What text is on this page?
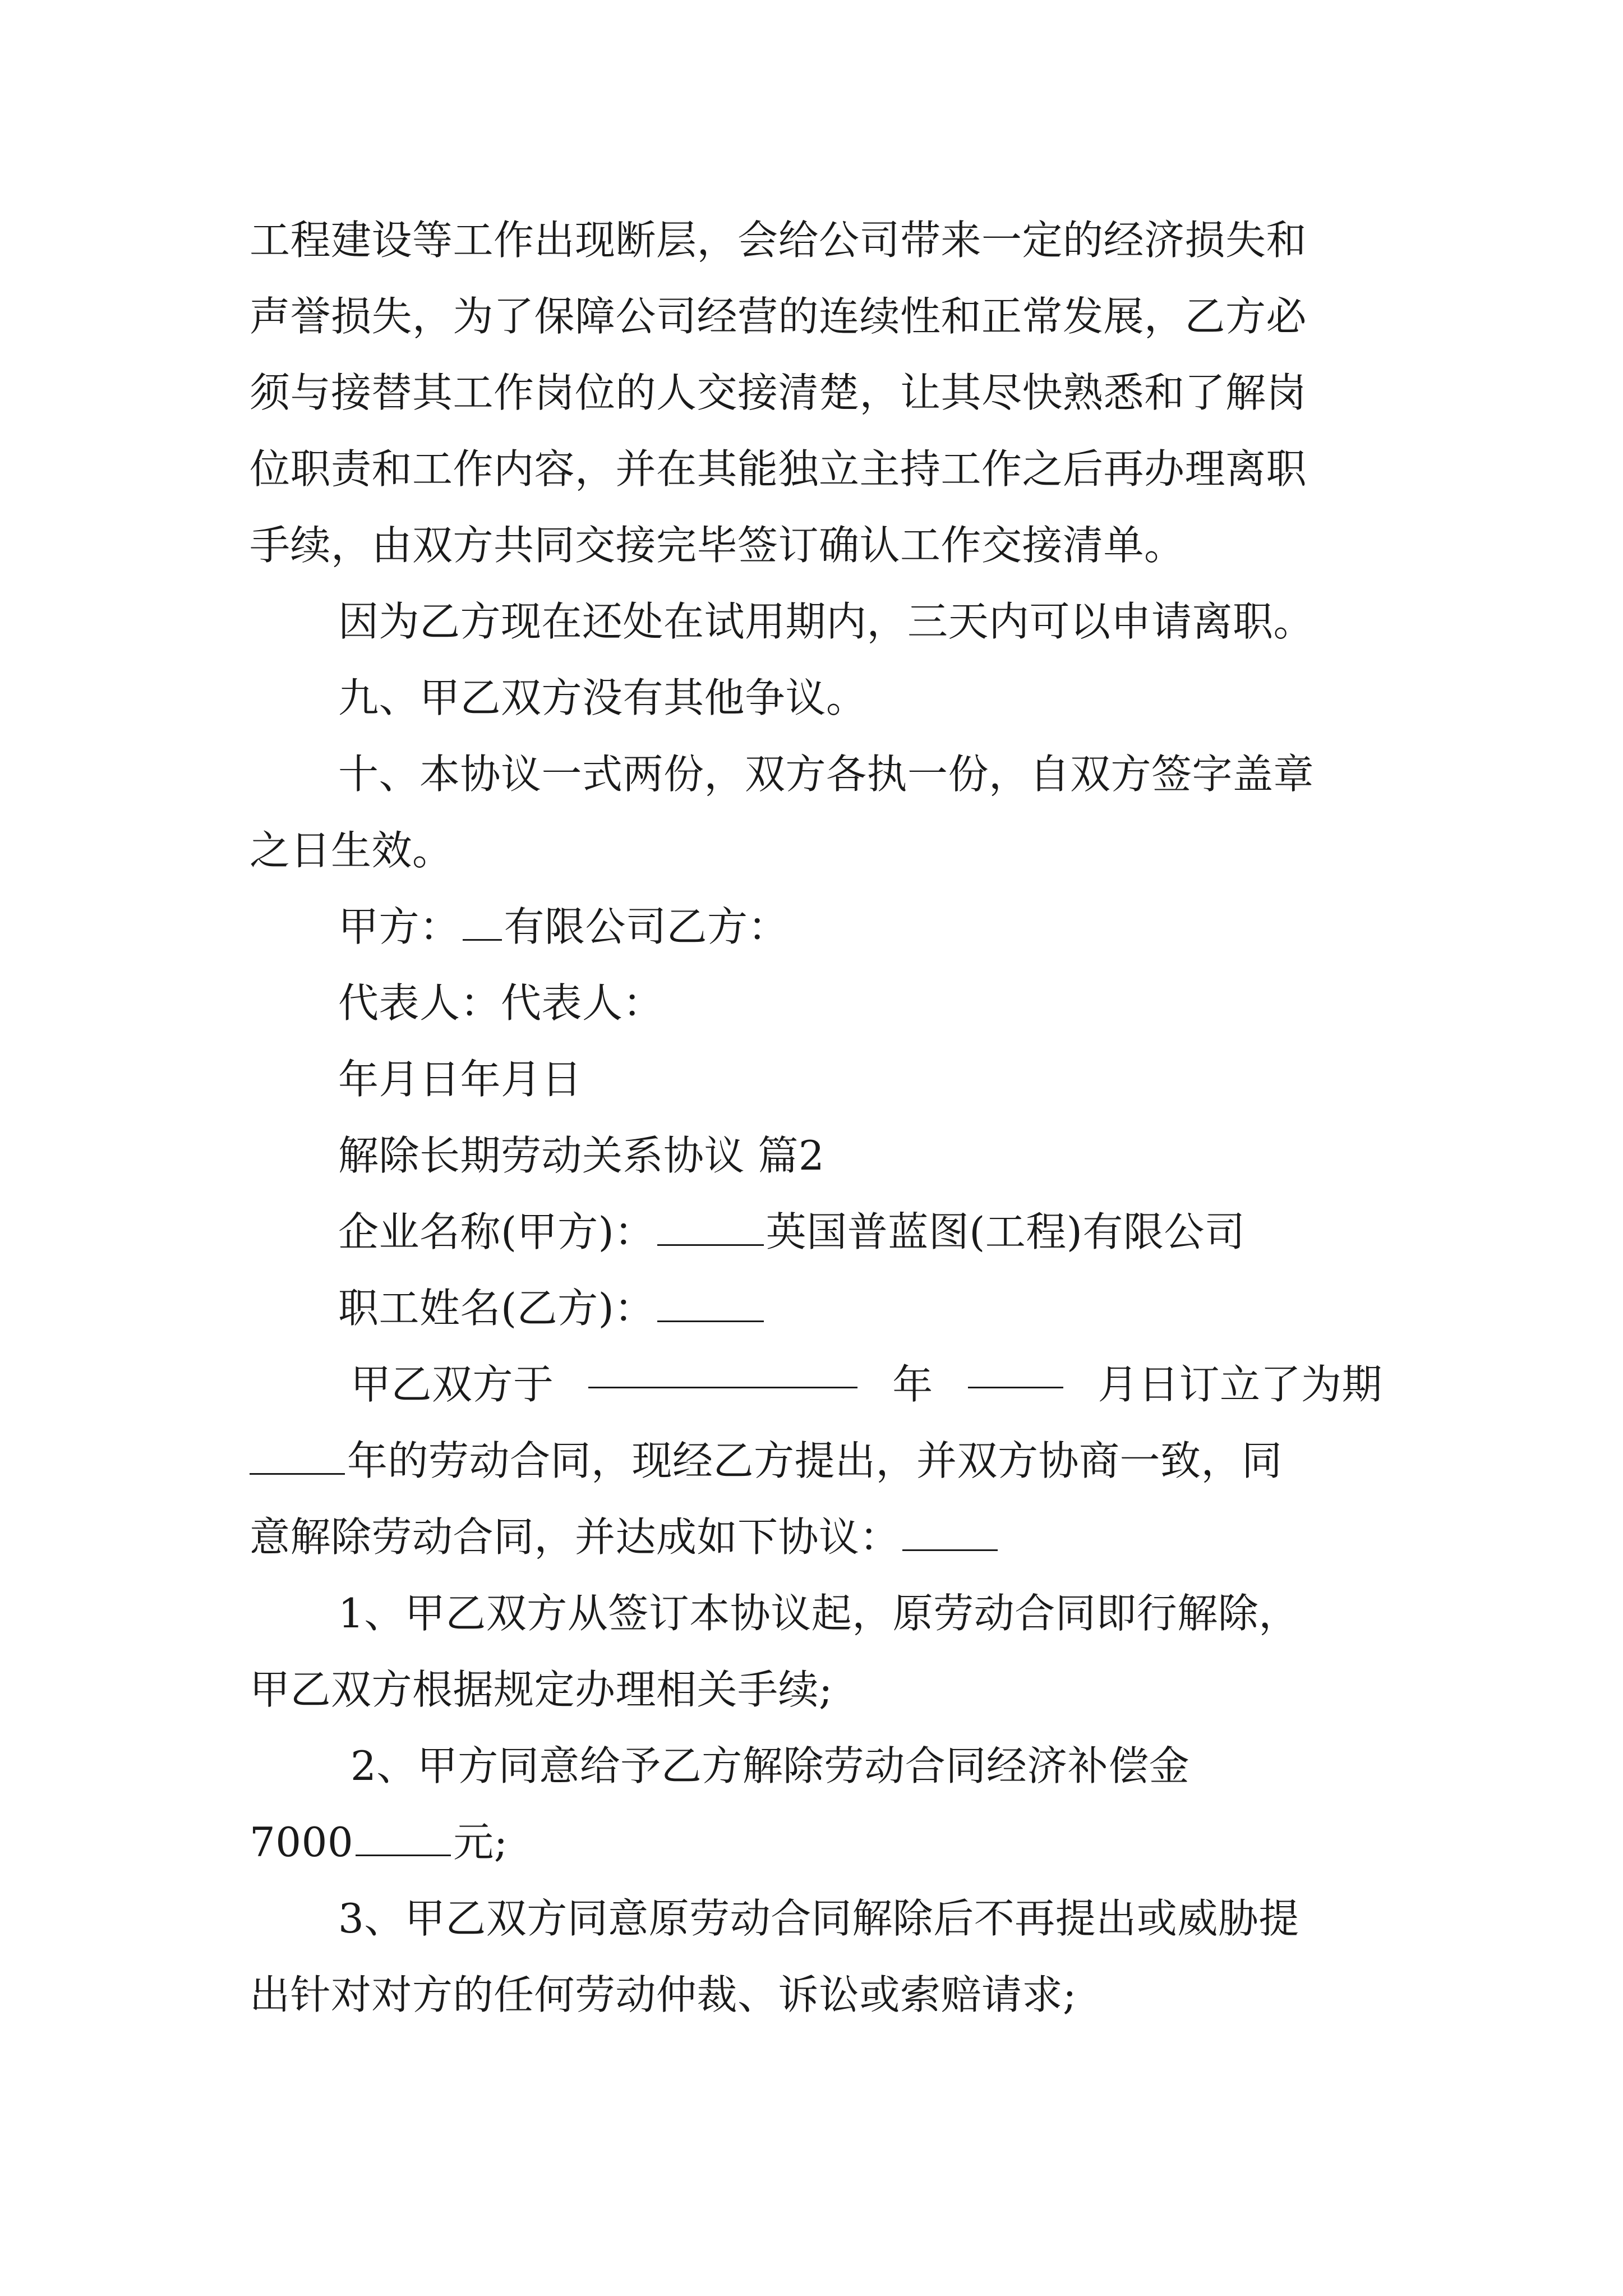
工程建设等工作出现断层，会给公司带来一定的经济损失和
声誉损失，为了保障公司经营的连续性和正常发展，乙方必
须与接替其工作岗位的人交接清楚，让其尽快熟悉和了解岗
位职责和工作内容，并在其能独立主持工作之后再办理离职
手续，由双方共同交接完毕签订确认工作交接清单。
因为乙方现在还处在试用期内，三天内可以申请离职。
九、甲乙双方没有其他争议。
十、本协议一式两份，双方各执一份，自双方签字盖章
之日生效。
甲方： 有限公司乙方：
代表人：代表人：
年月日年月日
解除长期劳动关系协议 篇2
企业名称(甲方)：	英国普蓝图(工程)有限公司
职工姓名(乙方)：
甲乙双方于	年	月日订立了为期
年的劳动合同，现经乙方提出，并双方协商一致，同
意解除劳动合同，并达成如下协议：
1、甲乙双方从签订本协议起，原劳动合同即行解除，
甲乙双方根据规定办理相关手续;
2、甲方同意给予乙方解除劳动合同经济补偿金
7000 元;
3、甲乙双方同意原劳动合同解除后不再提出或威胁提
出针对对方的任何劳动仲裁、诉讼或索赔请求;
